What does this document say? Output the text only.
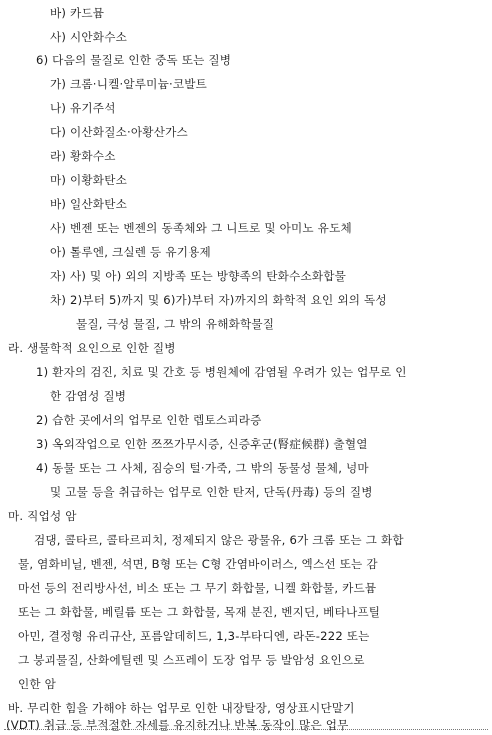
바) 카드뮴
사) 시안화수소
6) 다음의 물질로 인한 중독 또는 질병
가) 크롬·니켈·알루미늄·코발트
나) 유기주석
다) 이산화질소·아황산가스
라) 황화수소
마) 이황화탄소
바) 일산화탄소
사) 벤젠 또는 벤젠의 동족체와 그 니트로 및 아미노 유도체
아) 톨루엔, 크실렌 등 유기용제
자) 사) 및 아) 외의 지방족 또는 방향족의 탄화수소화합물
차) 2)부터 5)까지 및 6)가)부터 자)까지의 화학적 요인 외의 독성
물질, 극성 물질, 그 밖의 유해화학물질
라. 생물학적 요인으로 인한 질병
1) 환자의 검진, 치료 및 간호 등 병원체에 감염될 우려가 있는 업무로 인
한 감염성 질병
2) 습한 곳에서의 업무로 인한 렙토스피라증
3) 옥외작업으로 인한 쯔쯔가무시증, 신증후군(腎症候群) 출혈열
4) 동물 또는 그 사체, 짐승의 털·가죽, 그 밖의 동물성 물체, 넝마
및 고물 등을 취급하는 업무로 인한 탄저, 단독(丹毒) 등의 질병
마. 직업성 암
검댕, 콜타르, 콜타르피치, 정제되지 않은 광물유, 6가 크롬 또는 그 화합
물, 염화비닐, 벤젠, 석면, B형 또는 C형 간염바이러스, 엑스선 또는 감
마선 등의 전리방사선, 비소 또는 그 무기 화합물, 니켈 화합물, 카드뮴
또는 그 화합물, 베릴륨 또는 그 화합물, 목재 분진, 벤지딘, 베타나프틸
아민, 결정형 유리규산, 포름알데히드, 1,3-부타디엔, 라돈-222 또는
그 붕괴물질, 산화에틸렌 및 스프레이 도장 업무 등 발암성 요인으로
인한 암
바. 무리한 힘을 가해야 하는 업무로 인한 내장탈장, 영상표시단말기
(VDT) 취급 등 부적절한 자세를 유지하거나 반복 동작이 많은 업무
